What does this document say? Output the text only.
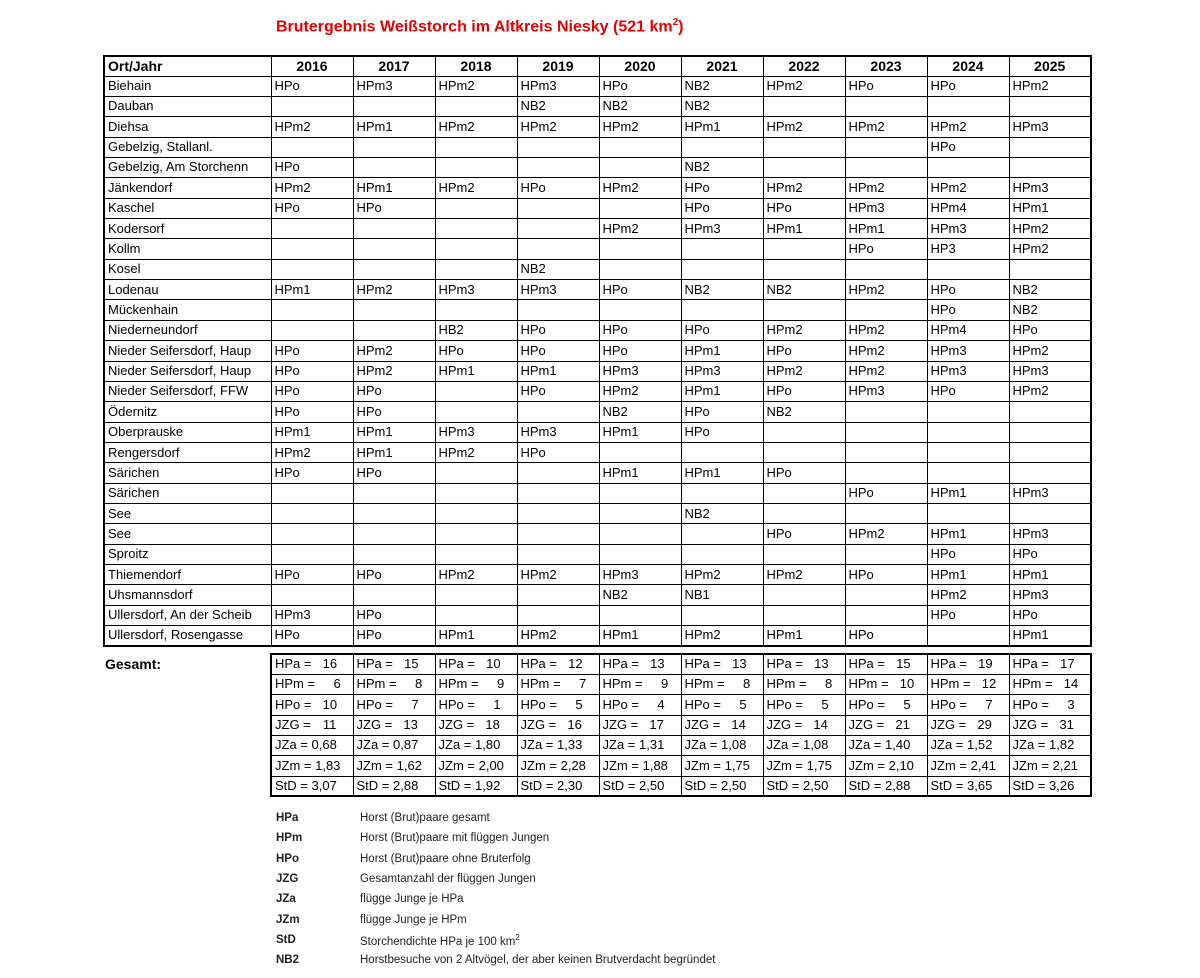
Brutergebnis Weißstorch im Altkreis Niesky (521 $km^2$)
Ort/Jahr	2016	2017	2018	2019	2020	2021	2022	2023	2024	2025
Biehain	HPo	HPm3	HPm2	HPm3	HPo	NB2	HPm2	HPo	HPo	HPm2
Dauban				NB2	NB2	NB2				
Diehsa	HPm2	HPm1	HPm2	HPm2	HPm2	HPm1	HPm2	HPm2	HPm2	HPm3
Gebelzig, Stallanl.									HPo	
Gebelzig, Am Storchenn	HPo					NB2				
Jänkendorf	HPm2	HPm1	HPm2	HPo	HPm2	HPo	HPm2	HPm2	HPm2	HPm3
Kaschel	HPo	HPo				HPo	HPo	HPm3	HPm4	HPm1
Kodersorf					HPm2	HPm3	HPm1	HPm1	HPm3	HPm2
Kollm								HPo	HP3	HPm2
Kosel				NB2						
Lodenau	HPm1	HPm2	HPm3	HPm3	HPo	NB2	NB2	HPm2	HPo	NB2
Mückenhain									HPo	NB2
Niederneundorf			HB2	HPo	HPo	HPo	HPm2	HPm2	HPm4	HPo
Nieder Seifersdorf, Haup	HPo	HPm2	HPo	HPo	HPo	HPm1	HPo	HPm2	HPm3	HPm2
Nieder Seifersdorf, Haup	HPo	HPm2	HPm1	HPm1	HPm3	HPm3	HPm2	HPm2	HPm3	HPm3
Nieder Seifersdorf, FFW	HPo	HPo		HPo	HPm2	HPm1	HPo	HPm3	HPo	HPm2
Ödernitz	HPo	HPo			NB2	HPo	NB2			
Oberprauske	HPm1	HPm1	HPm3	HPm3	HPm1	HPo				
Rengersdorf	HPm2	HPm1	HPm2	HPo						
Särichen	HPo	HPo			HPm1	HPm1	HPo			
Särichen								HPo	HPm1	HPm3
See						NB2				
See							HPo	HPm2	HPm1	HPm3
Sproitz									HPo	HPo
Thiemendorf	HPo	HPo	HPm2	HPm2	HPm3	HPm2	HPm2	HPo	HPm1	HPm1
Uhsmannsdorf					NB2	NB1			HPm2	HPm3
Ullersdorf, An der Scheib	HPm3	HPo							HPo	HPo
Ullersdorf, Rosengasse	HPo	HPo	HPm1	HPm2	HPm1	HPm2	HPm1	HPo		HPm1
Gesamt:	HPa = 16	HPa = 15	HPa = 10	HPa = 12	HPa = 13	HPa = 13	HPa = 13	HPa = 15	HPa = 19	HPa = 17
HPm = 6	HPm = 8	HPm = 9	HPm = 7	HPm = 9	HPm = 8	HPm = 8	HPm = 10	HPm = 12	HPm = 14
HPo = 10	HPo = 7	HPo = 1	HPo = 5	HPo = 4	HPo = 5	HPo = 5	HPo = 5	HPo = 7	HPo = 3
JZG = 11	JZG = 13	JZG = 18	JZG = 16	JZG = 17	JZG = 14	JZG = 14	JZG = 21	JZG = 29	JZG = 31
JZa = 0,68	JZa = 0,87	JZa = 1,80	JZa = 1,33	JZa = 1,31	JZa = 1,08	JZa = 1,08	JZa = 1,40	JZa = 1,52	JZa = 1,82
JZm = 1,83	JZm = 1,62	JZm = 2,00	JZm = 2,28	JZm = 1,88	JZm = 1,75	JZm = 1,75	JZm = 2,10	JZm = 2,41	JZm = 2,21
StD = 3,07	StD = 2,88	StD = 1,92	StD = 2,30	StD = 2,50	StD = 2,50	StD = 2,50	StD = 2,88	StD = 3,65	StD = 3,26
HPa	Horst (Brut)paare gesamt
HPm	Horst (Brut)paare mit flüggen Jungen
HPo	Horst (Brut)paare ohne Bruterfolg
JZG	Gesamtanzahl der flüggen Jungen
JZa	flügge Junge je HPa
JZm	flügge Junge je HPm
StD	Storchendichte HPa je 100 $km^2$
NB2	Horstbesuche von 2 Altvögel, der aber keinen Brutverdacht begründet
